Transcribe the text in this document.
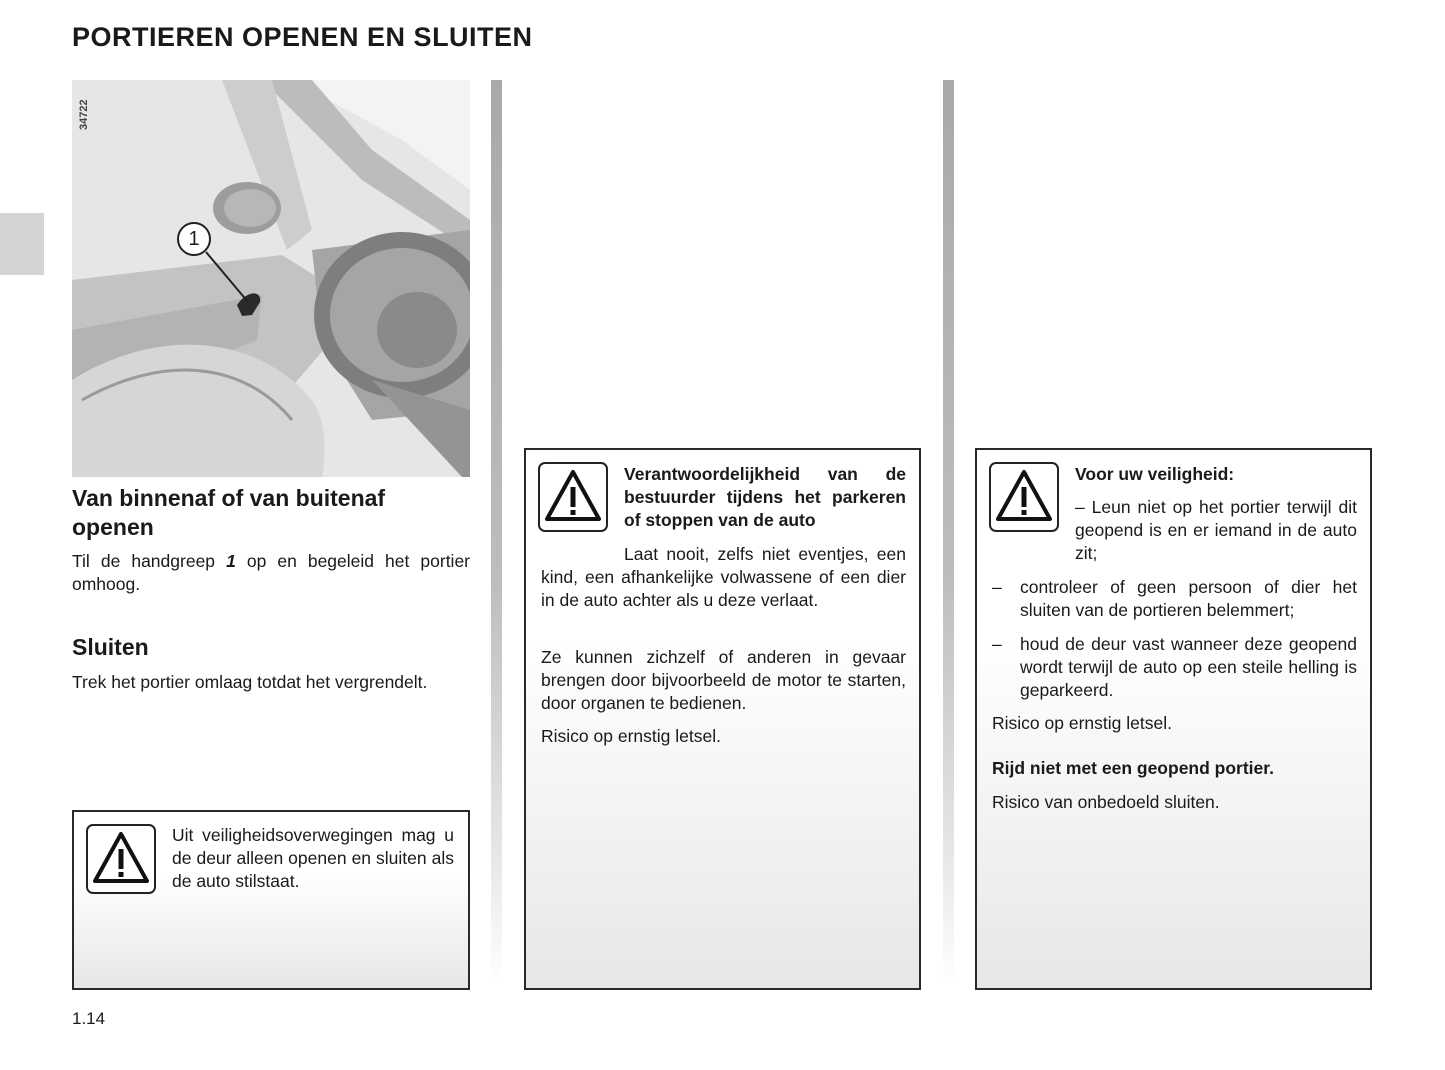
PORTIEREN OPENEN EN SLUITEN
34722
1
Van binnenaf of van buitenaf openen

Til de handgreep 1 op en begeleid het portier omhoog.

Sluiten

Trek het portier omlaag totdat het vergrendelt.

Uit veiligheidsoverwegingen mag u de deur alleen openen en sluiten als de auto stilstaat.

Verantwoordelijkheid van de bestuurder tijdens het parkeren of stoppen van de auto

Laat nooit, zelfs niet eventjes, een kind, een afhankelijke volwassene of een dier in de auto achter als u deze verlaat.

Ze kunnen zichzelf of anderen in gevaar brengen door bijvoorbeeld de motor te starten, door organen te bedienen.

Risico op ernstig letsel.

Voor uw veiligheid:

– Leun niet op het portier terwijl dit geopend is en er iemand in de auto zit;

– controleer of geen persoon of dier het sluiten van de portieren belemmert;
– houd de deur vast wanneer deze geopend wordt terwijl de auto op een steile helling is geparkeerd.

Risico op ernstig letsel.

Rijd niet met een geopend portier.

Risico van onbedoeld sluiten.

1.14
